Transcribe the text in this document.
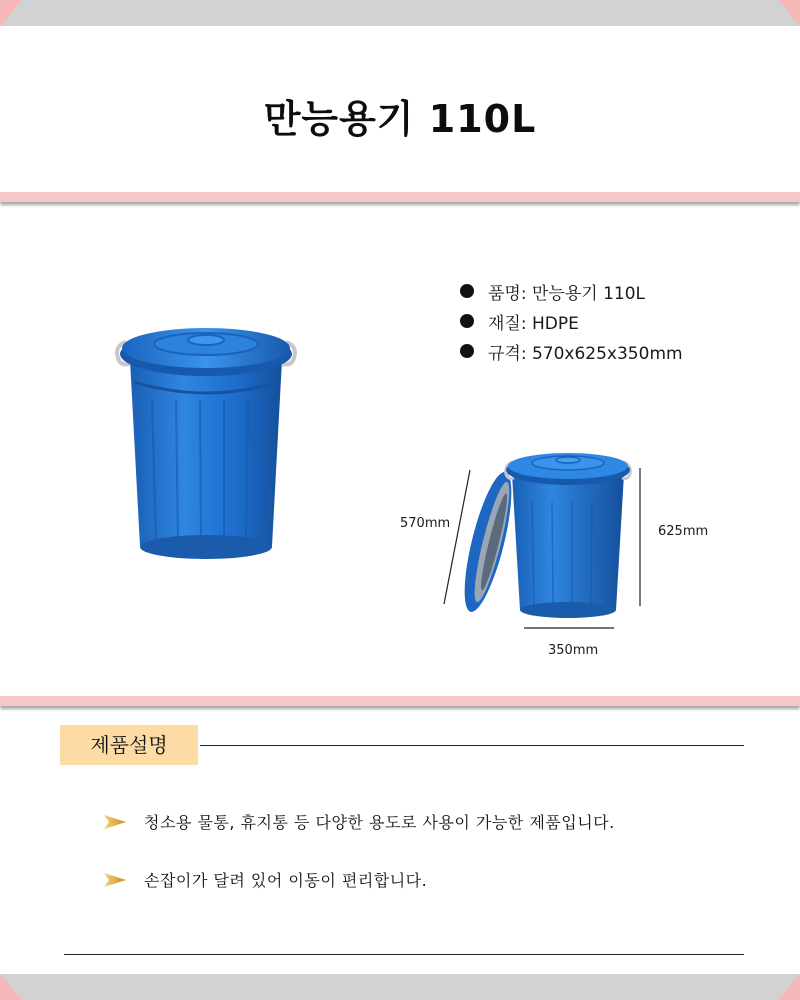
만능용기 110L
품명: 만능용기 110L
재질: HDPE
규격: 570x625x350mm
570mm
625mm
350mm
제품설명
청소용 물통, 휴지통 등 다양한 용도로 사용이 가능한 제품입니다.
손잡이가 달려 있어 이동이 편리합니다.
